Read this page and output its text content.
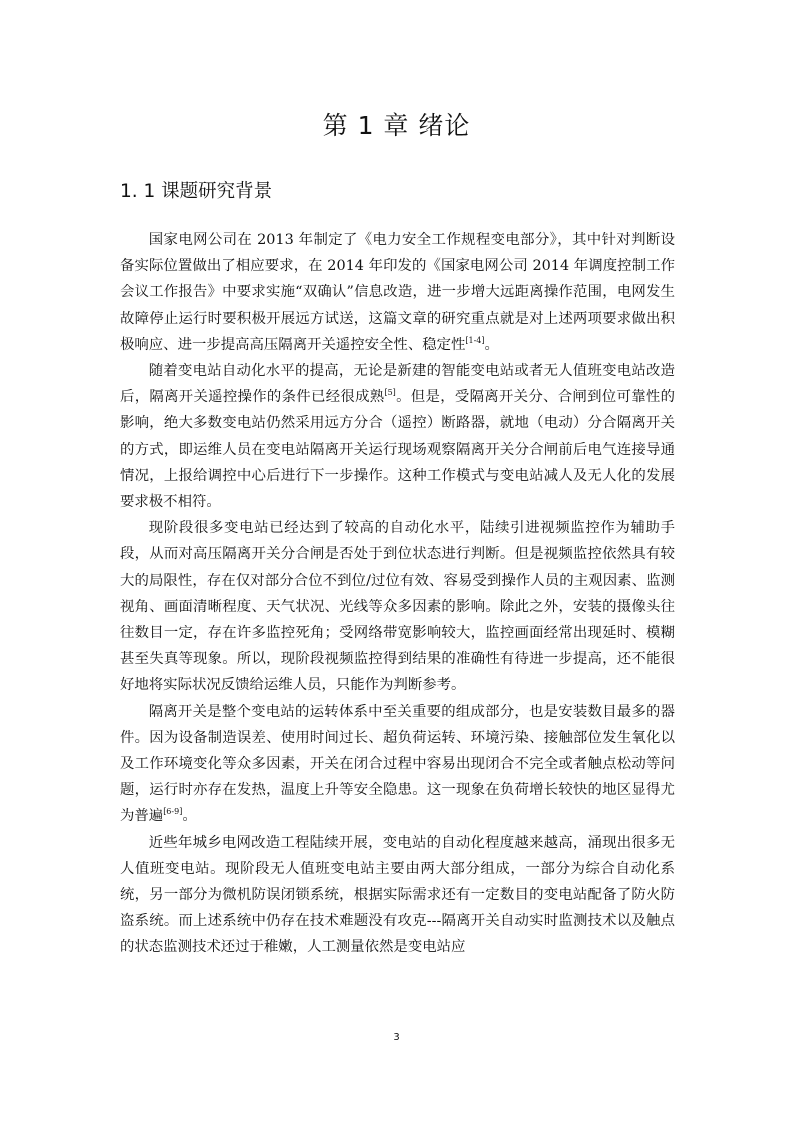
第 1 章 绪论
1. 1 课题研究背景

国家电网公司在 2013 年制定了《电力安全工作规程变电部分》，其中针对判断设备实际位置做出了相应要求，在 2014 年印发的《国家电网公司 2014 年调度控制工作会议工作报告》中要求实施“双确认”信息改造，进一步增大远距离操作范围，电网发生故障停止运行时要积极开展远方试送，这篇文章的研究重点就是对上述两项要求做出积极响应、进一步提高高压隔离开关遥控安全性、稳定性[1-4]。

随着变电站自动化水平的提高，无论是新建的智能变电站或者无人值班变电站改造后，隔离开关遥控操作的条件已经很成熟[5]。但是，受隔离开关分、合闸到位可靠性的影响，绝大多数变电站仍然采用远方分合（遥控）断路器，就地（电动）分合隔离开关的方式，即运维人员在变电站隔离开关运行现场观察隔离开关分合闸前后电气连接导通情况，上报给调控中心后进行下一步操作。这种工作模式与变电站减人及无人化的发展要求极不相符。

现阶段很多变电站已经达到了较高的自动化水平，陆续引进视频监控作为辅助手段，从而对高压隔离开关分合闸是否处于到位状态进行判断。但是视频监控依然具有较大的局限性，存在仅对部分合位不到位/过位有效、容易受到操作人员的主观因素、监测视角、画面清晰程度、天气状况、光线等众多因素的影响。除此之外，安装的摄像头往往数目一定，存在许多监控死角；受网络带宽影响较大，监控画面经常出现延时、模糊甚至失真等现象。所以，现阶段视频监控得到结果的准确性有待进一步提高，还不能很好地将实际状况反馈给运维人员，只能作为判断参考。

隔离开关是整个变电站的运转体系中至关重要的组成部分，也是安装数目最多的器件。因为设备制造误差、使用时间过长、超负荷运转、环境污染、接触部位发生氧化以及工作环境变化等众多因素，开关在闭合过程中容易出现闭合不完全或者触点松动等问题，运行时亦存在发热，温度上升等安全隐患。这一现象在负荷增长较快的地区显得尤为普遍[6-9]。

近些年城乡电网改造工程陆续开展，变电站的自动化程度越来越高，涌现出很多无人值班变电站。现阶段无人值班变电站主要由两大部分组成，一部分为综合自动化系统，另一部分为微机防误闭锁系统，根据实际需求还有一定数目的变电站配备了防火防盗系统。而上述系统中仍存在技术难题没有攻克---隔离开关自动实时监测技术以及触点的状态监测技术还过于稚嫩，人工测量依然是变电站应

3
